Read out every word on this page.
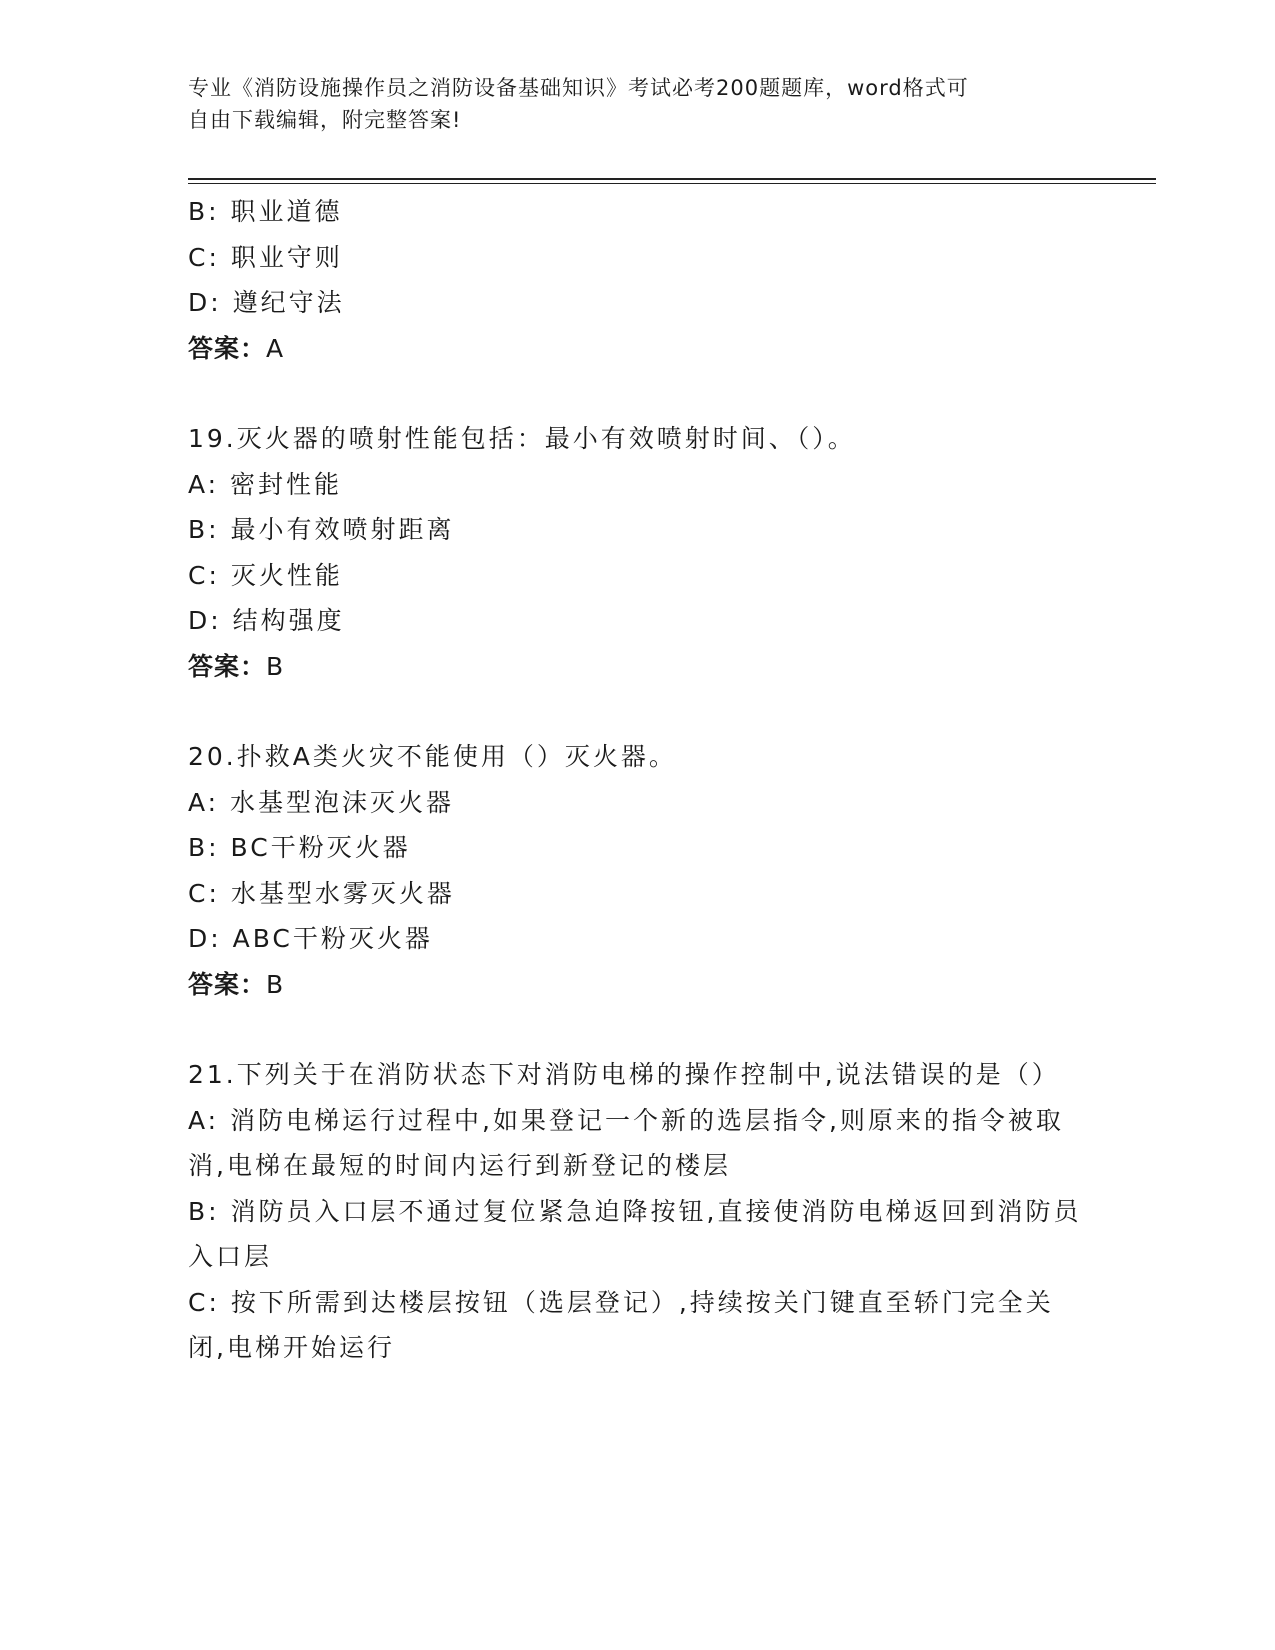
专业《消防设施操作员之消防设备基础知识》考试必考200题题库，word格式可
自由下载编辑，附完整答案!
B: 职业道德
C: 职业守则
D: 遵纪守法
答案：A
19.灭火器的喷射性能包括：最小有效喷射时间、（）。
A: 密封性能
B: 最小有效喷射距离
C: 灭火性能
D: 结构强度
答案：B
20.扑救A类火灾不能使用（）灭火器。
A: 水基型泡沫灭火器
B: BC干粉灭火器
C: 水基型水雾灭火器
D: ABC干粉灭火器
答案：B
21.下列关于在消防状态下对消防电梯的操作控制中,说法错误的是（）
A: 消防电梯运行过程中,如果登记一个新的选层指令,则原来的指令被取消,电梯在最短的时间内运行到新登记的楼层
B: 消防员入口层不通过复位紧急迫降按钮,直接使消防电梯返回到消防员入口层
C: 按下所需到达楼层按钮（选层登记）,持续按关门键直至轿门完全关闭,电梯开始运行
